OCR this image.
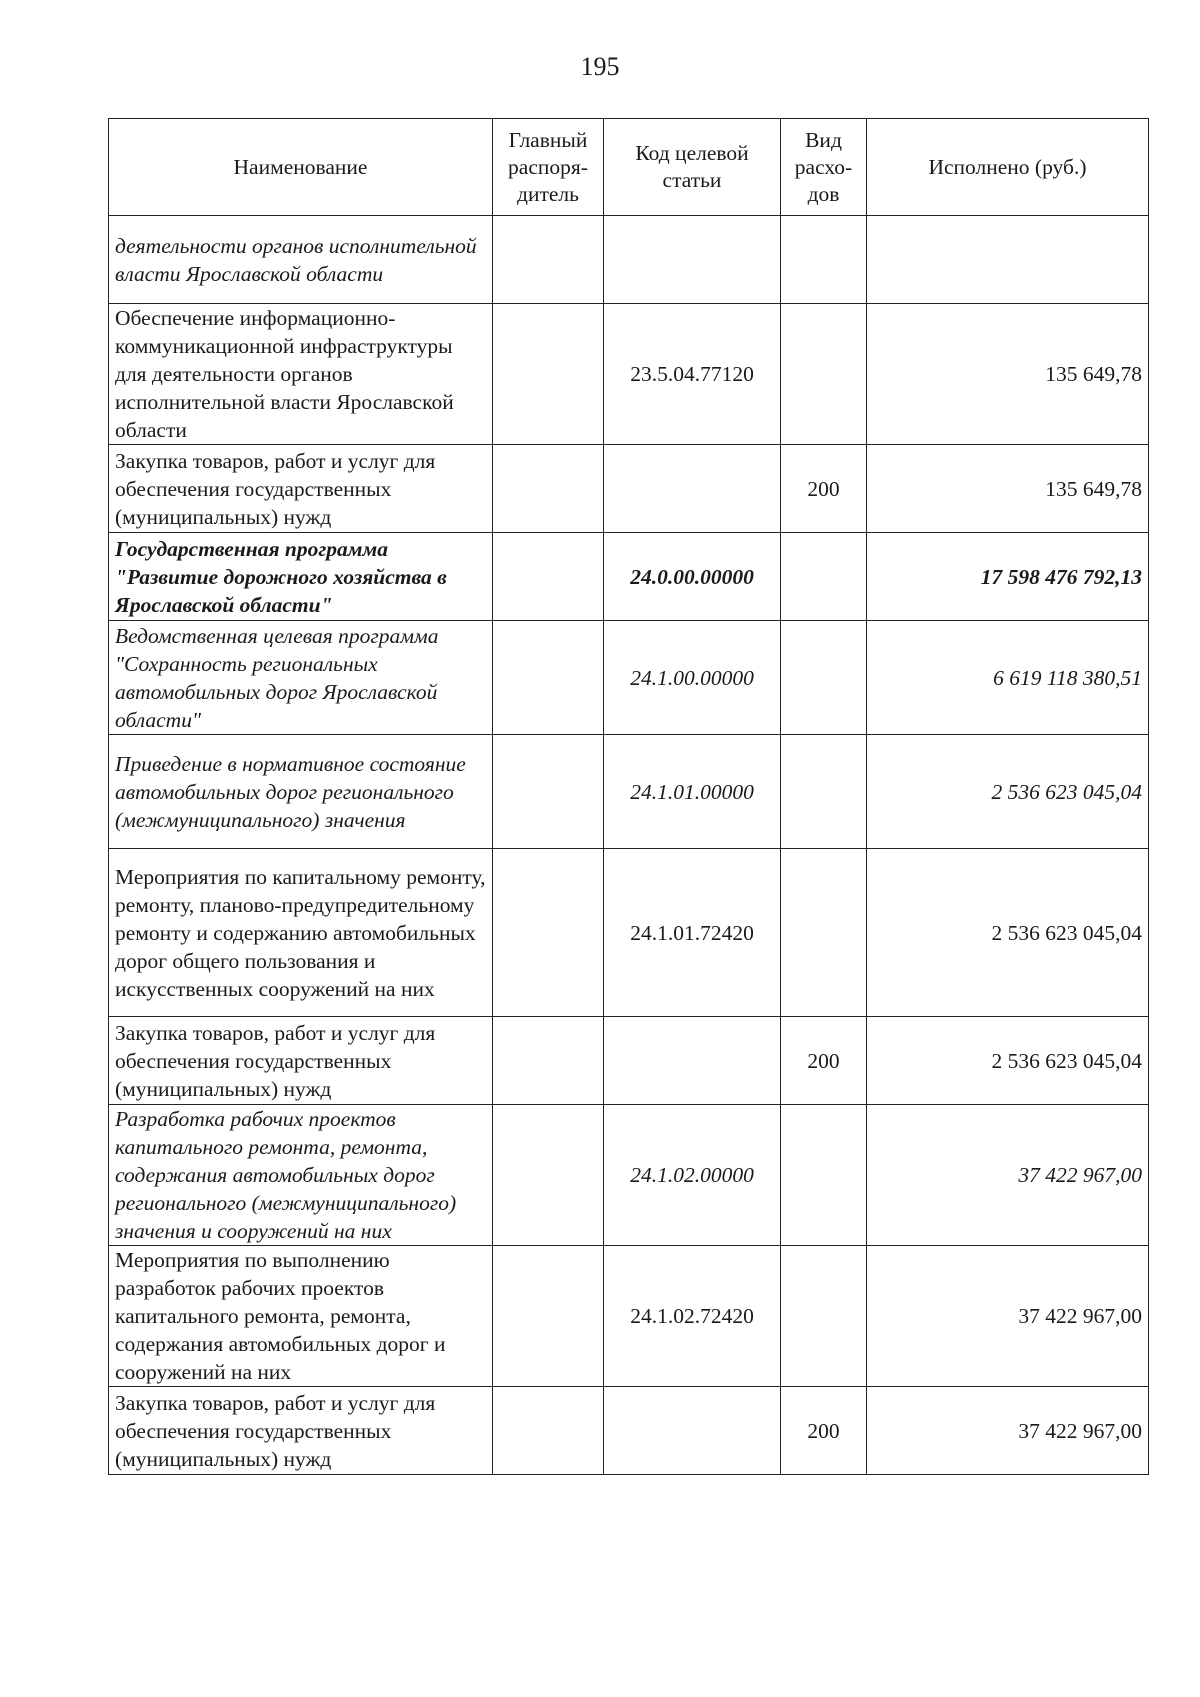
195
Наименование	Главный распоря-дитель	Код целевой статьи	Вид расхо-дов	Исполнено (руб.)
деятельности органов исполнительной власти Ярославской области				
Обеспечение информационно-коммуникационной инфраструктуры для деятельности органов исполнительной власти Ярославской области		23.5.04.77120		135 649,78
Закупка товаров, работ и услуг для обеспечения государственных (муниципальных) нужд			200	135 649,78
Государственная программа "Развитие дорожного хозяйства в Ярославской области"		24.0.00.00000		17 598 476 792,13
Ведомственная целевая программа "Сохранность региональных автомобильных дорог Ярославской области"		24.1.00.00000		6 619 118 380,51
Приведение в нормативное состояние автомобильных дорог регионального (межмуниципального) значения		24.1.01.00000		2 536 623 045,04
Мероприятия по капитальному ремонту, ремонту, планово-предупредительному ремонту и содержанию автомобильных дорог общего пользования и искусственных сооружений на них		24.1.01.72420		2 536 623 045,04
Закупка товаров, работ и услуг для обеспечения государственных (муниципальных) нужд			200	2 536 623 045,04
Разработка рабочих проектов капитального ремонта, ремонта, содержания автомобильных дорог регионального (межмуниципального) значения и сооружений на них		24.1.02.00000		37 422 967,00
Мероприятия по выполнению разработок рабочих проектов капитального ремонта, ремонта, содержания автомобильных дорог и сооружений на них		24.1.02.72420		37 422 967,00
Закупка товаров, работ и услуг для обеспечения государственных (муниципальных) нужд			200	37 422 967,00
